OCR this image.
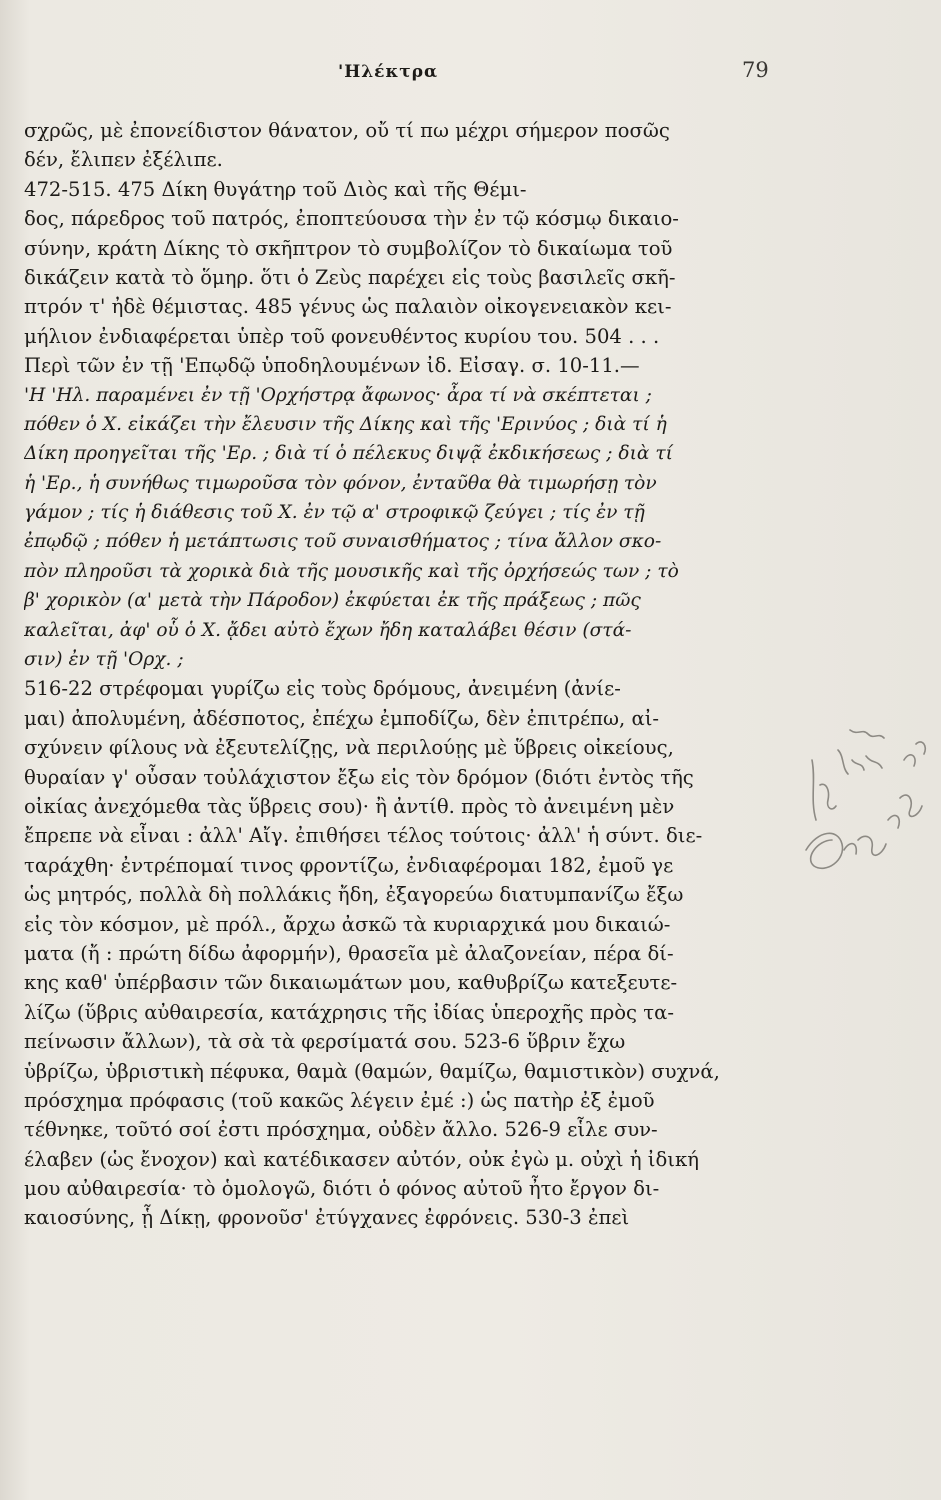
'Ηλέκτρα	79
σχρῶς, μὲ ἐπονείδιστον θάνατον, οὔ τί πω μέχρι σήμερον ποσῶς
δέν, ἔλιπεν ἐξέλιπε.
472-515. 475 Δίκη θυγάτηρ τοῦ Διὸς καὶ τῆς Θέμι-
δος, πάρεδρος τοῦ πατρός, ἐποπτεύουσα τὴν ἐν τῷ κόσμῳ δικαιο-
σύνην, κράτη Δίκης τὸ σκῆπτρον τὸ συμβολίζον τὸ δικαίωμα τοῦ
δικάζειν κατὰ τὸ ὅμηρ. ὅτι ὁ Ζεὺς παρέχει εἰς τοὺς βασιλεῖς σκῆ-
πτρόν τ' ἠδὲ θέμιστας. 485 γένυς ὡς παλαιὸν οἰκογενειακὸν κει-
μήλιον ἐνδιαφέρεται ὑπὲρ τοῦ φονευθέντος κυρίου του. 504 . . .
Περὶ τῶν ἐν τῇ 'Επῳδῷ ὑποδηλουμένων ἰδ. Εἰσαγ. σ. 10-11.—
'Η 'Ηλ. παραμένει ἐν τῇ 'Ορχήστρᾳ ἄφωνος· ἆρα τί νὰ σκέπτεται ;
πόθεν ὁ Χ. εἰκάζει τὴν ἔλευσιν τῆς Δίκης καὶ τῆς 'Ερινύος ; διὰ τί ἡ
Δίκη προηγεῖται τῆς 'Ερ. ; διὰ τί ὁ πέλεκυς διψᾷ ἐκδικήσεως ; διὰ τί
ἡ 'Ερ., ἡ συνήθως τιμωροῦσα τὸν φόνον, ἐνταῦθα θὰ τιμωρήσῃ τὸν
γάμον ; τίς ἡ διάθεσις τοῦ Χ. ἐν τῷ α' στροφικῷ ζεύγει ; τίς ἐν τῇ
ἐπῳδῷ ; πόθεν ἡ μετάπτωσις τοῦ συναισθήματος ; τίνα ἄλλον σκο-
πὸν πληροῦσι τὰ χορικὰ διὰ τῆς μουσικῆς καὶ τῆς ὀρχήσεώς των ; τὸ
β' χορικὸν (α' μετὰ τὴν Πάροδον) ἐκφύεται ἐκ τῆς πράξεως ; πῶς
καλεῖται, ἀφ' οὗ ὁ Χ. ᾄδει αὐτὸ ἔχων ἤδη καταλάβει θέσιν (στά-
σιν) ἐν τῇ 'Ορχ. ;
516-22 στρέφομαι γυρίζω εἰς τοὺς δρόμους, ἀνειμένη (ἀνίε-
μαι) ἀπολυμένη, ἀδέσποτος, ἐπέχω ἐμποδίζω, δὲν ἐπιτρέπω, αἰ-
σχύνειν φίλους νὰ ἐξευτελίζῃς, νὰ περιλούῃς μὲ ὕβρεις οἰκείους,
θυραίαν γ' οὖσαν τοὐλάχιστον ἔξω εἰς τὸν δρόμον (διότι ἐντὸς τῆς
οἰκίας ἀνεχόμεθα τὰς ὕβρεις σου)· ἢ ἀντίθ. πρὸς τὸ ἀνειμένη μὲν
ἔπρεπε νὰ εἶναι : ἀλλ' Αἴγ. ἐπιθήσει τέλος τούτοις· ἀλλ' ἡ σύντ. διε-
ταράχθη· ἐντρέπομαί τινος φροντίζω, ἐνδιαφέρομαι 182, ἐμοῦ γε
ὡς μητρός, πολλὰ δὴ πολλάκις ἤδη, ἐξαγορεύω διατυμπανίζω ἔξω
εἰς τὸν κόσμον, μὲ πρόλ., ἄρχω ἀσκῶ τὰ κυριαρχικά μου δικαιώ-
ματα (ἤ : πρώτη δίδω ἀφορμήν), θρασεῖα μὲ ἀλαζονείαν, πέρα δί-
κης καθ' ὑπέρβασιν τῶν δικαιωμάτων μου, καθυβρίζω κατεξευτε-
λίζω (ὕβρις αὐθαιρεσία, κατάχρησις τῆς ἰδίας ὑπεροχῆς πρὸς τα-
πείνωσιν ἄλλων), τὰ σὰ τὰ φερσίματά σου. 523-6 ὕβριν ἔχω
ὑβρίζω, ὑβριστικὴ πέφυκα, θαμὰ (θαμών, θαμίζω, θαμιστικὸν) συχνά,
πρόσχημα πρόφασις (τοῦ κακῶς λέγειν ἐμέ :) ὡς πατὴρ ἐξ ἐμοῦ
τέθνηκε, τοῦτό σοί ἐστι πρόσχημα, οὐδὲν ἄλλο. 526-9 εἷλε συν-
έλαβεν (ὡς ἔνοχον) καὶ κατέδικασεν αὐτόν, οὐκ ἐγὼ μ. οὐχὶ ἡ ἰδική
μου αὐθαιρεσία· τὸ ὁμολογῶ, διότι ὁ φόνος αὐτοῦ ἦτο ἔργον δι-
καιοσύνης, ᾗ Δίκῃ, φρονοῦσ' ἐτύγχανες ἐφρόνεις. 530-3 ἐπεὶ
